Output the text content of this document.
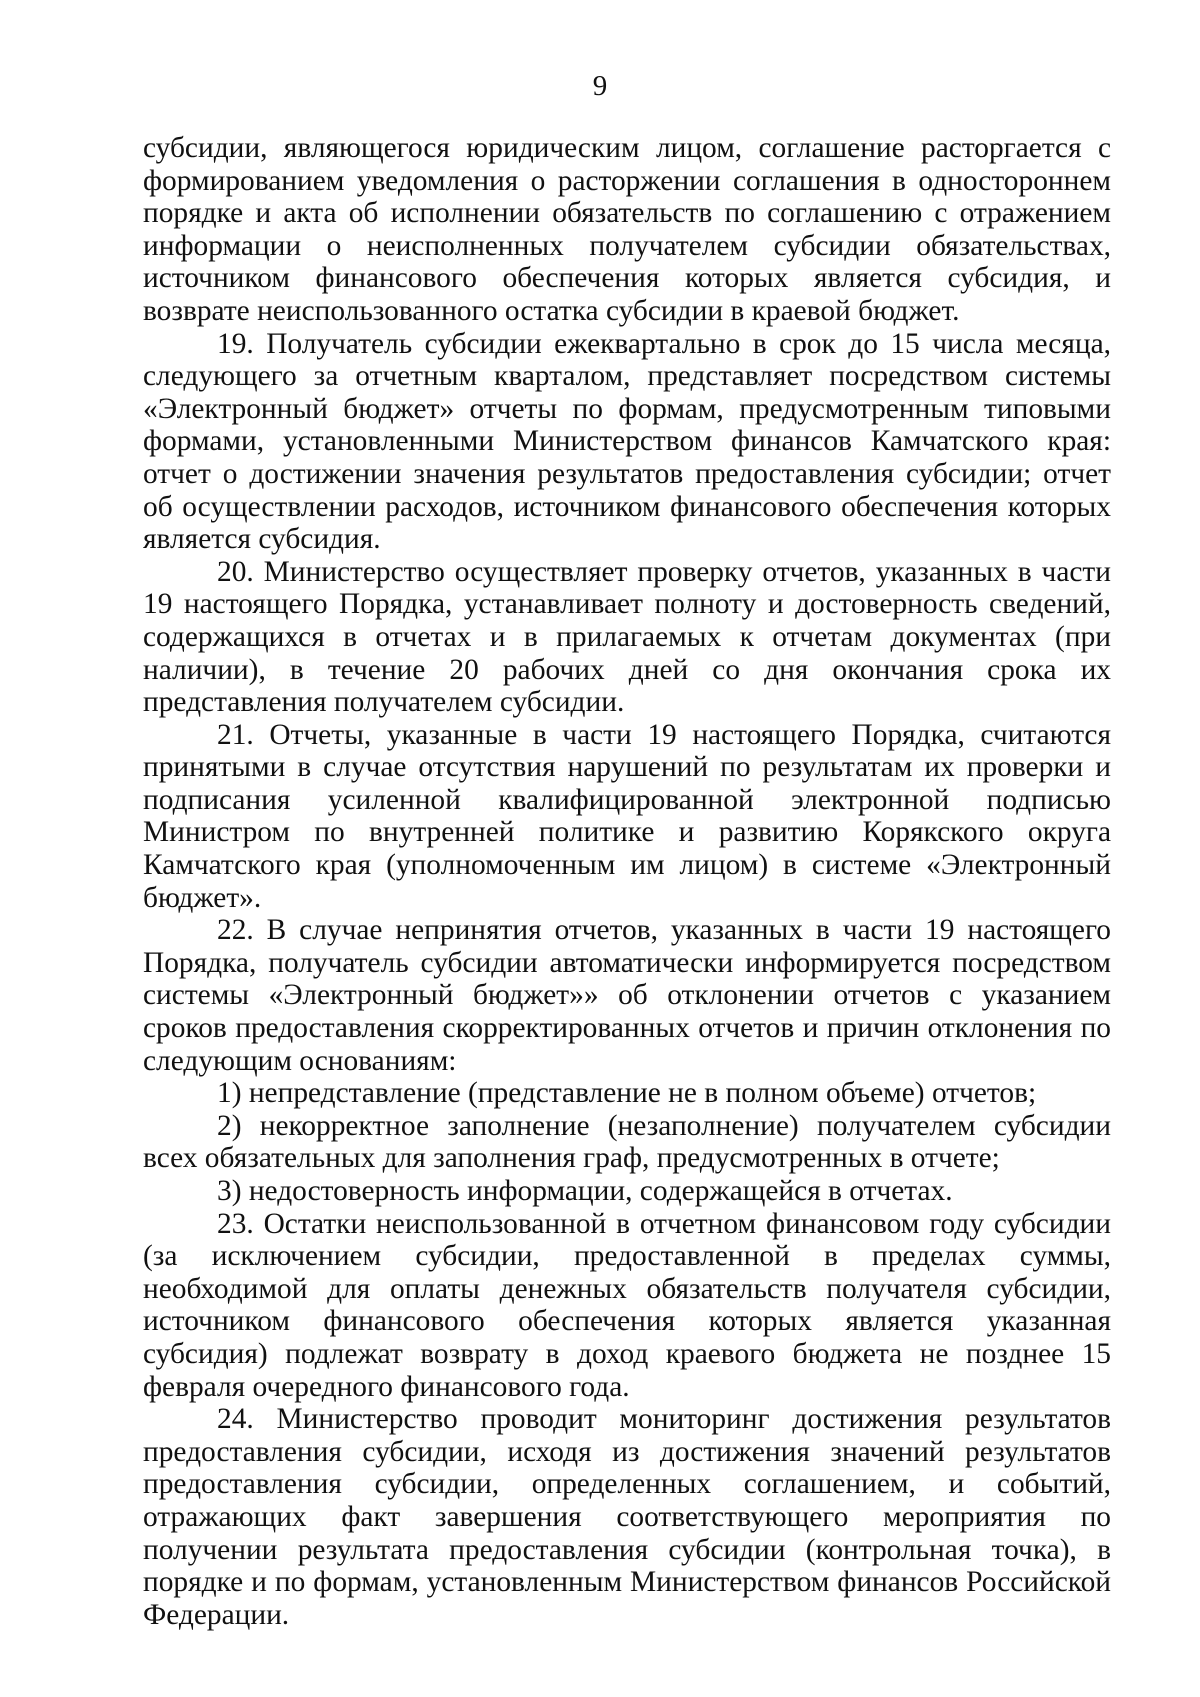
9

субсидии, являющегося юридическим лицом, соглашение расторгается с формированием уведомления о расторжении соглашения в одностороннем порядке и акта об исполнении обязательств по соглашению с отражением информации о неисполненных получателем субсидии обязательствах, источником финансового обеспечения которых является субсидия, и возврате неиспользованного остатка субсидии в краевой бюджет.

19. Получатель субсидии ежеквартально в срок до 15 числа месяца, следующего за отчетным кварталом, представляет посредством системы «Электронный бюджет» отчеты по формам, предусмотренным типовыми формами, установленными Министерством финансов Камчатского края: отчет о достижении значения результатов предоставления субсидии; отчет об осуществлении расходов, источником финансового обеспечения которых является субсидия.

20. Министерство осуществляет проверку отчетов, указанных в части 19 настоящего Порядка, устанавливает полноту и достоверность сведений, содержащихся в отчетах и в прилагаемых к отчетам документах (при наличии), в течение 20 рабочих дней со дня окончания срока их представления получателем субсидии.

21. Отчеты, указанные в части 19 настоящего Порядка, считаются принятыми в случае отсутствия нарушений по результатам их проверки и подписания усиленной квалифицированной электронной подписью Министром по внутренней политике и развитию Корякского округа Камчатского края (уполномоченным им лицом) в системе «Электронный бюджет».

22. В случае непринятия отчетов, указанных в части 19 настоящего Порядка, получатель субсидии автоматически информируется посредством системы «Электронный бюджет»» об отклонении отчетов с указанием сроков предоставления скорректированных отчетов и причин отклонения по следующим основаниям:

1) непредставление (представление не в полном объеме) отчетов;

2) некорректное заполнение (незаполнение) получателем субсидии всех обязательных для заполнения граф, предусмотренных в отчете;

3) недостоверность информации, содержащейся в отчетах.

23. Остатки неиспользованной в отчетном финансовом году субсидии (за исключением субсидии, предоставленной в пределах суммы, необходимой для оплаты денежных обязательств получателя субсидии, источником финансового обеспечения которых является указанная субсидия) подлежат возврату в доход краевого бюджета не позднее 15 февраля очередного финансового года.

24. Министерство проводит мониторинг достижения результатов предоставления субсидии, исходя из достижения значений результатов предоставления субсидии, определенных соглашением, и событий, отражающих факт завершения соответствующего мероприятия по получении результата предоставления субсидии (контрольная точка), в порядке и по формам, установленным Министерством финансов Российской Федерации.
